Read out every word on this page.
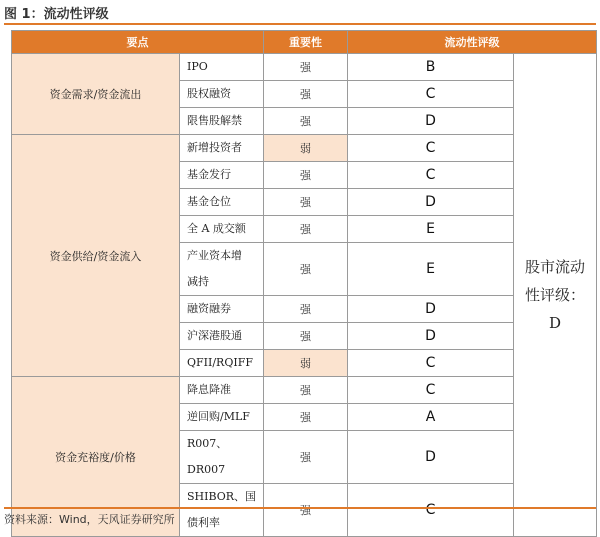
图 1：流动性评级
要点		重要性	流动性评级	
资金需求/资金流出	IPO	强	B	股市流动
性评级：D

	股权融资	强	C	
	限售股解禁	强	D	
资金供给/资金流入	新增投资者	弱	C	
	基金发行	强	C	
	基金仓位	强	D	
	全 A 成交额	强	E	

	产业资本增
减持	强	E	
	融资融券	强	D	
	沪深港股通	强	D	
	QFII/RQIFF	弱	C	
资金充裕度/价格	降息降准	强	C	
	逆回购/MLF	强	A	
	R007、DR007	强	D	

	SHIBOR、国
债利率	强	C	
资料来源：Wind，天风证券研究所
